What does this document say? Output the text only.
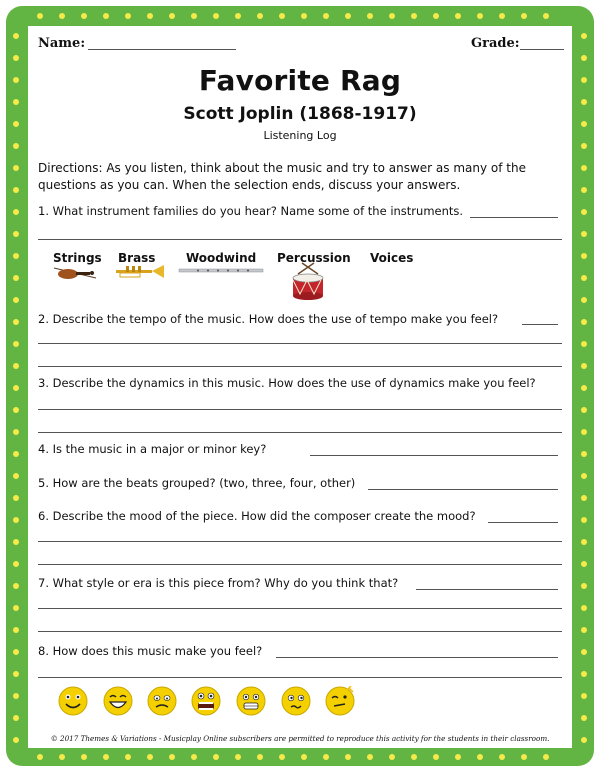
Name:	Grade:
Favorite Rag
Scott Joplin (1868-1917)
Listening Log
Directions: As you listen, think about the music and try to answer as many of the questions as you can. When the selection ends, discuss your answers.
1. What instrument families do you hear? Name some of the instruments.
Strings Brass	Woodwind Percussion Voices
2. Describe the tempo of the music. How does the use of tempo make you feel?
3. Describe the dynamics in this music. How does the use of dynamics make you feel?
4. Is the music in a major or minor key?
5. How are the beats grouped? (two, three, four, other)
6. Describe the mood of the piece. How did the composer create the mood?
7. What style or era is this piece from? Why do you think that?
8. How does this music make you feel?
© 2017 Themes & Variations - Musicplay Online subscribers are permitted to reproduce this activity for the students in their classroom.
